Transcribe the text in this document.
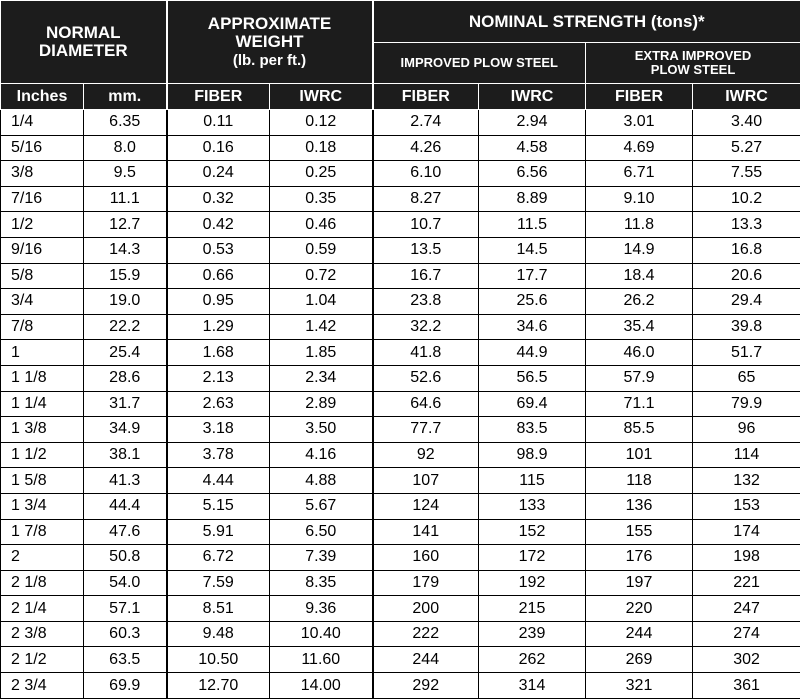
NORMAL
DIAMETER		APPROXIMATE
WEIGHT
(lb. per ft.)		NOMINAL STRENGTH (tons)*			
				IMPROVED PLOW STEEL		EXTRA IMPROVED
PLOW STEEL	
Inches	mm.	FIBER	IWRC	FIBER	IWRC	FIBER	IWRC
1/4	6.35	0.11	0.12	2.74	2.94	3.01	3.40
5/16	8.0	0.16	0.18	4.26	4.58	4.69	5.27
3/8	9.5	0.24	0.25	6.10	6.56	6.71	7.55
7/16	11.1	0.32	0.35	8.27	8.89	9.10	10.2
1/2	12.7	0.42	0.46	10.7	11.5	11.8	13.3
9/16	14.3	0.53	0.59	13.5	14.5	14.9	16.8
5/8	15.9	0.66	0.72	16.7	17.7	18.4	20.6
3/4	19.0	0.95	1.04	23.8	25.6	26.2	29.4
7/8	22.2	1.29	1.42	32.2	34.6	35.4	39.8
1	25.4	1.68	1.85	41.8	44.9	46.0	51.7
1 1/8	28.6	2.13	2.34	52.6	56.5	57.9	65
1 1/4	31.7	2.63	2.89	64.6	69.4	71.1	79.9
1 3/8	34.9	3.18	3.50	77.7	83.5	85.5	96
1 1/2	38.1	3.78	4.16	92	98.9	101	114
1 5/8	41.3	4.44	4.88	107	115	118	132
1 3/4	44.4	5.15	5.67	124	133	136	153
1 7/8	47.6	5.91	6.50	141	152	155	174
2	50.8	6.72	7.39	160	172	176	198
2 1/8	54.0	7.59	8.35	179	192	197	221
2 1/4	57.1	8.51	9.36	200	215	220	247
2 3/8	60.3	9.48	10.40	222	239	244	274
2 1/2	63.5	10.50	11.60	244	262	269	302
2 3/4	69.9	12.70	14.00	292	314	321	361
